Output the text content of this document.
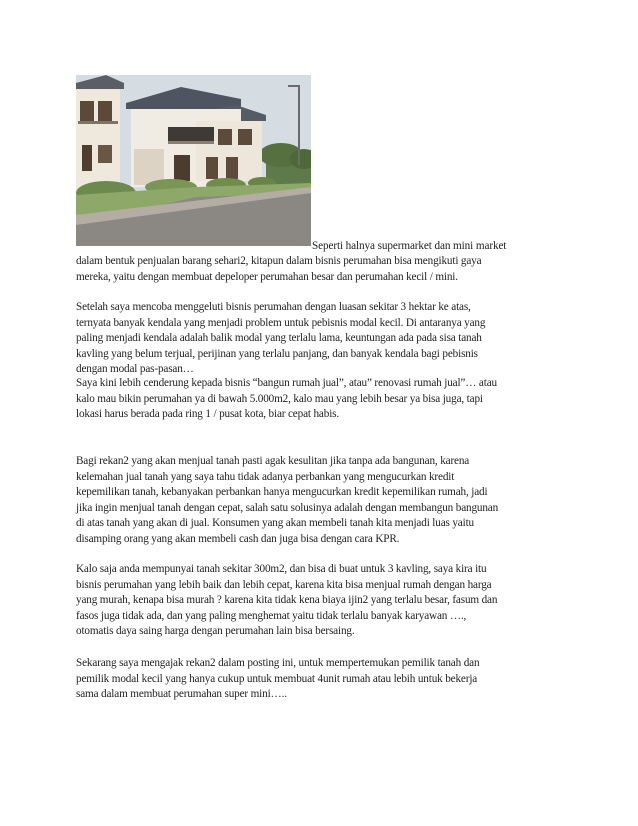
Seperti halnya supermarket dan mini market
dalam bentuk penjualan barang sehari2, kitapun dalam bisnis perumahan bisa mengikuti gaya
mereka, yaitu dengan membuat depeloper perumahan besar dan perumahan kecil / mini.
Setelah saya mencoba menggeluti bisnis perumahan dengan luasan sekitar 3 hektar ke atas,
ternyata banyak kendala yang menjadi problem untuk pebisnis modal kecil. Di antaranya yang
paling menjadi kendala adalah balik modal yang terlalu lama, keuntungan ada pada sisa tanah
kavling yang belum terjual, perijinan yang terlalu panjang, dan banyak kendala bagi pebisnis
dengan modal pas-pasan…
Saya kini lebih cenderung kepada bisnis “bangun rumah jual”, atau” renovasi rumah jual”… atau
kalo mau bikin perumahan ya di bawah 5.000m2, kalo mau yang lebih besar ya bisa juga, tapi
lokasi harus berada pada ring 1 / pusat kota, biar cepat habis.
Bagi rekan2 yang akan menjual tanah pasti agak kesulitan jika tanpa ada bangunan, karena
kelemahan jual tanah yang saya tahu tidak adanya perbankan yang mengucurkan kredit
kepemilikan tanah, kebanyakan perbankan hanya mengucurkan kredit kepemilikan rumah, jadi
jika ingin menjual tanah dengan cepat, salah satu solusinya adalah dengan membangun bangunan
di atas tanah yang akan di jual. Konsumen yang akan membeli tanah kita menjadi luas yaitu
disamping orang yang akan membeli cash dan juga bisa dengan cara KPR.
Kalo saja anda mempunyai tanah sekitar 300m2, dan bisa di buat untuk 3 kavling, saya kira itu
bisnis perumahan yang lebih baik dan lebih cepat, karena kita bisa menjual rumah dengan harga
yang murah, kenapa bisa murah ? karena kita tidak kena biaya ijin2 yang terlalu besar, fasum dan
fasos juga tidak ada, dan yang paling menghemat yaitu tidak terlalu banyak karyawan ….,
otomatis daya saing harga dengan perumahan lain bisa bersaing.
Sekarang saya mengajak rekan2 dalam posting ini, untuk mempertemukan pemilik tanah dan
pemilik modal kecil yang hanya cukup untuk membuat 4unit rumah atau lebih untuk bekerja
sama dalam membuat perumahan super mini…..
